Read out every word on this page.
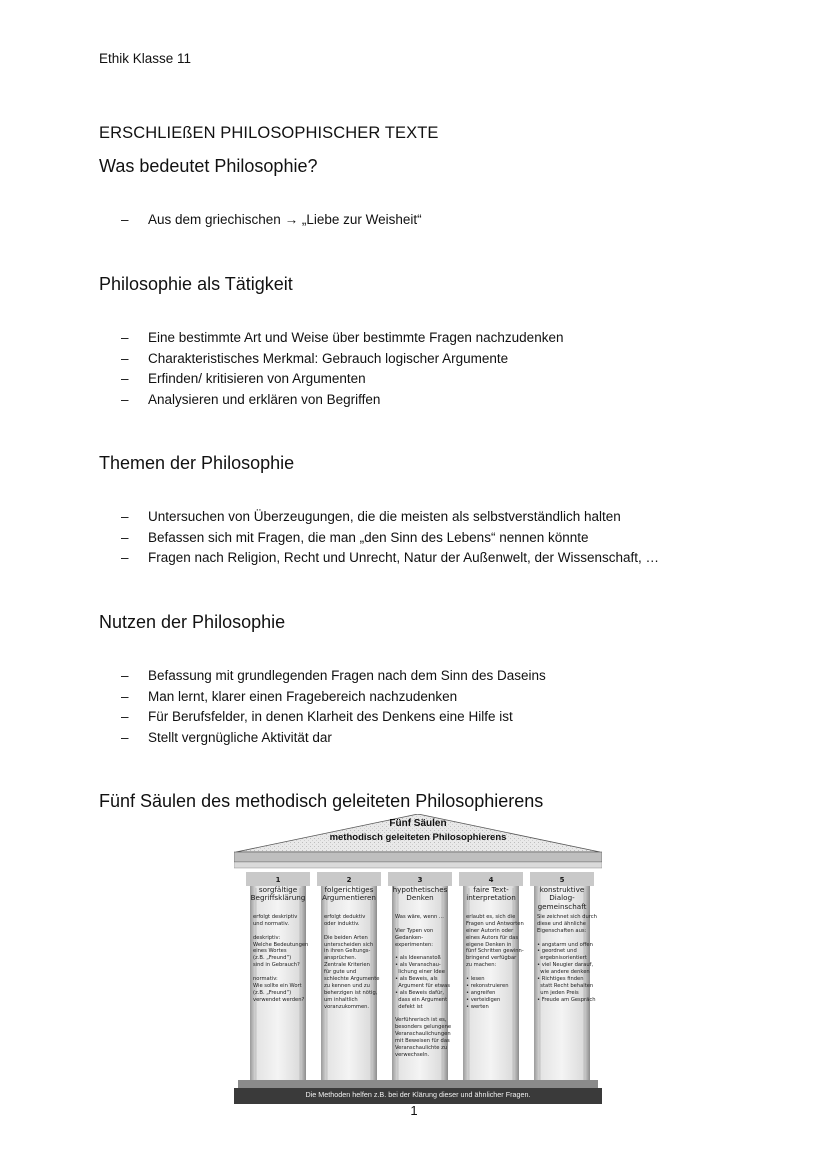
Ethik Klasse 11
ERSCHLIEßEN PHILOSOPHISCHER TEXTE
Was bedeutet Philosophie?
– Aus dem griechischen → „Liebe zur Weisheit“
Philosophie als Tätigkeit
– Eine bestimmte Art und Weise über bestimmte Fragen nachzudenken
– Charakteristisches Merkmal: Gebrauch logischer Argumente
– Erfinden/ kritisieren von Argumenten
– Analysieren und erklären von Begriffen
Themen der Philosophie
– Untersuchen von Überzeugungen, die die meisten als selbstverständlich halten
– Befassen sich mit Fragen, die man „den Sinn des Lebens“ nennen könnte
– Fragen nach Religion, Recht und Unrecht, Natur der Außenwelt, der Wissenschaft, …
Nutzen der Philosophie
– Befassung mit grundlegenden Fragen nach dem Sinn des Daseins
– Man lernt, klarer einen Fragebereich nachzudenken
– Für Berufsfelder, in denen Klarheit des Denkens eine Hilfe ist
– Stellt vergnügliche Aktivität dar
Fünf Säulen des methodisch geleiteten Philosophierens
Fünf Säulen
methodisch geleiteten Philosophierens
1
sorgfältige
Begriffsklärung
erfolgt deskriptiv
und normativ.
deskriptiv:
Welche Bedeutungen
eines Wortes
(z.B. „Freund“)
sind in Gebrauch?
normativ:
Wie sollte ein Wort
(z.B. „Freund“)
verwendet werden?
2
folgerichtiges
Argumentieren
erfolgt deduktiv
oder induktiv.
Die beiden Arten
unterscheiden sich
in ihren Geltungs-
ansprüchen.
Zentrale Kriterien
für gute und
schlechte Argumente
zu kennen und zu
beherzigen ist nötig,
um inhaltlich
voranzukommen.
3
hypothetisches
Denken
Was wäre, wenn ...
Vier Typen von
Gedanken-
experimenten:
• als Ideenanstoß
• als Veranschau-
lichung einer Idee
• als Beweis, als
Argument für etwas
• als Beweis dafür,
dass ein Argument
defekt ist
Verführerisch ist es,
besonders gelungene
Veranschaulichungen
mit Beweisen für das
Veranschaulichte zu
verwechseln.
4
faire Text-
interpretation
erlaubt es, sich die
Fragen und Antworten
einer Autorin oder
eines Autors für das
eigene Denken in
fünf Schritten gewinn-
bringend verfügbar
zu machen:
• lesen
• rekonstruieren
• angreifen
• verteidigen
• werten
5
konstruktive
Dialog-
gemeinschaft
Sie zeichnet sich durch
diese und ähnliche
Eigenschaften aus:
• angstarm und offen
• geordnet und
ergebnisorientiert
• viel Neugier darauf,
wie andere denken
• Richtiges finden
statt Recht behalten
um jeden Preis
• Freude am Gespräch
Die Methoden helfen z.B. bei der Klärung dieser und ähnlicher Fragen.
1
